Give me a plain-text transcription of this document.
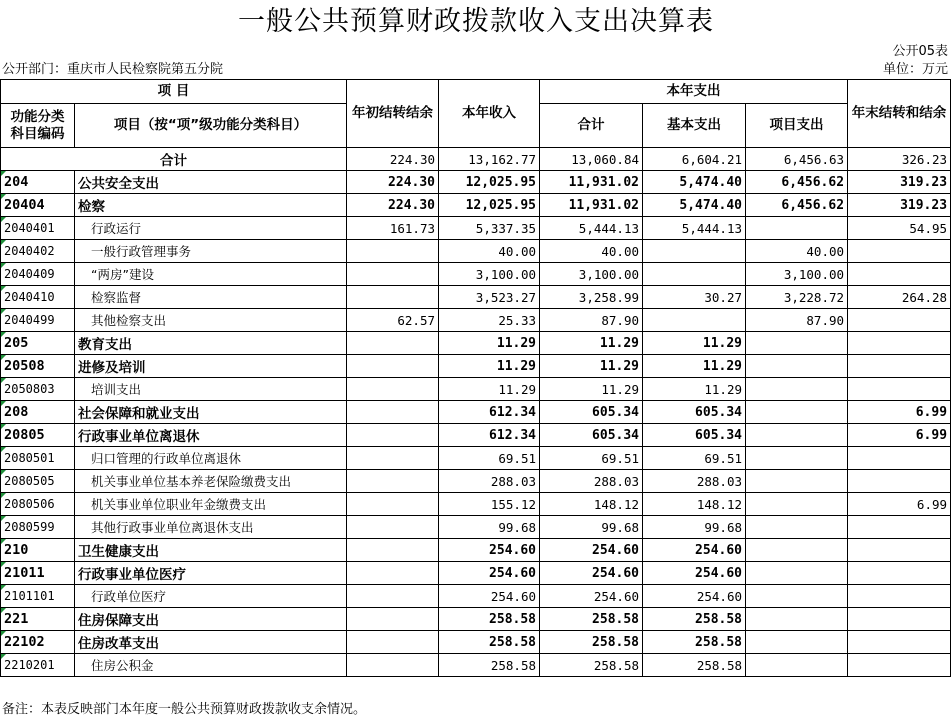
一般公共预算财政拨款收入支出决算表
公开05表
公开部门：重庆市人民检察院第五分院	单位：万元
项 目		年初结转结余	本年收入	本年支出			年末结转和结余
功能分类科目编码	项目（按“项”级功能分类科目）			合计	基本支出	项目支出	

合计		224.30	13,162.77	13,060.84	6,604.21	6,456.63	326.23

204	公共安全支出	224.30	12,025.95	11,931.02	5,474.40	6,456.62	319.23

20404	检察	224.30	12,025.95	11,931.02	5,474.40	6,456.62	319.23

2040401	行政运行	161.73	5,337.35	5,444.13	5,444.13		54.95

2040402	一般行政管理事务		40.00	40.00		40.00	

2040409	“两房”建设		3,100.00	3,100.00		3,100.00	

2040410	检察监督		3,523.27	3,258.99	30.27	3,228.72	264.28

2040499	其他检察支出	62.57	25.33	87.90		87.90	

205	教育支出		11.29	11.29	11.29		

20508	进修及培训		11.29	11.29	11.29		

2050803	培训支出		11.29	11.29	11.29		

208	社会保障和就业支出		612.34	605.34	605.34		6.99

20805	行政事业单位离退休		612.34	605.34	605.34		6.99

2080501	归口管理的行政单位离退休		69.51	69.51	69.51		

2080505	机关事业单位基本养老保险缴费支出		288.03	288.03	288.03		

2080506	机关事业单位职业年金缴费支出		155.12	148.12	148.12		6.99

2080599	其他行政事业单位离退休支出		99.68	99.68	99.68		

210	卫生健康支出		254.60	254.60	254.60		

21011	行政事业单位医疗		254.60	254.60	254.60		

2101101	行政单位医疗		254.60	254.60	254.60		

221	住房保障支出		258.58	258.58	258.58		

22102	住房改革支出		258.58	258.58	258.58		

2210201	住房公积金		258.58	258.58	258.58		
备注：本表反映部门本年度一般公共预算财政拨款收支余情况。
